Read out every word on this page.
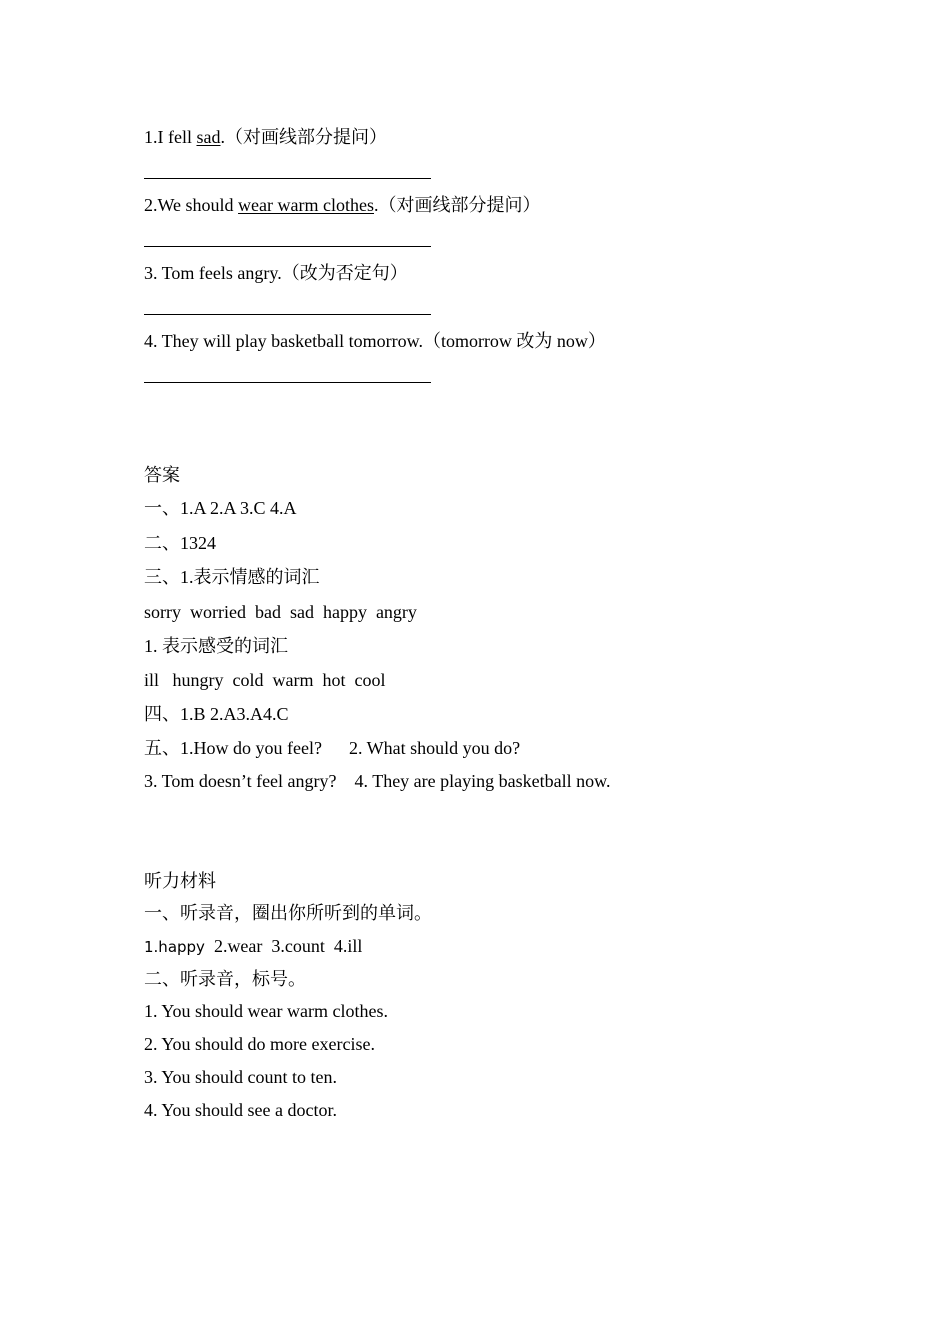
1.I fell sad.（对画线部分提问）
2.We should wear warm clothes.（对画线部分提问）
3. Tom feels angry.（改为否定句）
4. They will play basketball tomorrow.（tomorrow 改为 now）
答案
一、1.A 2.A 3.C 4.A
二、1324
三、1.表示情感的词汇
sorry  worried  bad  sad  happy  angry
1. 表示感受的词汇
ill   hungry  cold  warm  hot  cool
四、1.B 2.A3.A4.C
五、1.How do you feel?      2. What should you do?
3. Tom doesn’t feel angry?    4. They are playing basketball now.
听力材料
一、听录音，圈出你所听到的单词。
1.happy  2.wear  3.count  4.ill
二、听录音，标号。
1. You should wear warm clothes.
2. You should do more exercise.
3. You should count to ten.
4. You should see a doctor.
